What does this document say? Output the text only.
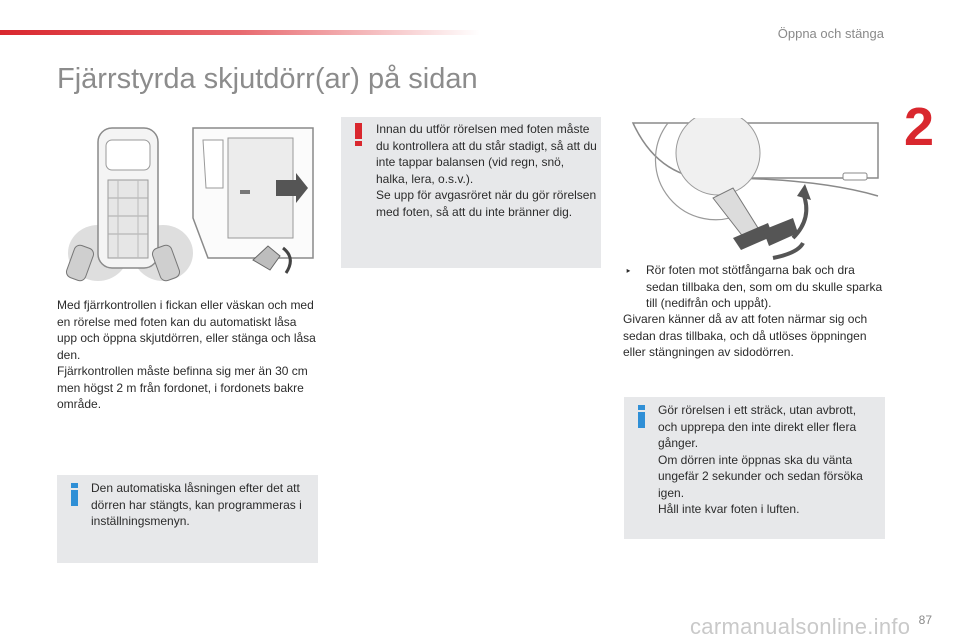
Öppna och stänga
2
Fjärrstyrda skjutdörr(ar) på sidan

Med fjärrkontrollen i fickan eller väskan och med en rörelse med foten kan du automatiskt låsa upp och öppna skjutdörren, eller stänga och låsa den.

Fjärrkontrollen måste befinna sig mer än 30 cm men högst 2 m från fordonet, i fordonets bakre område.

Den automatiska låsningen efter det att dörren har stängts, kan programmeras i inställningsmenyn.

Innan du utför rörelsen med foten måste du kontrollera att du står stadigt, så att du inte tappar balansen (vid regn, snö, halka, lera, o.s.v.).

Se upp för avgasröret när du gör rörelsen med foten, så att du inte bränner dig.

‣ Rör foten mot stötfångarna bak och dra sedan tillbaka den, som om du skulle sparka till (nedifrån och uppåt).
Givaren känner då av att foten närmar sig och sedan dras tillbaka, och då utlöses öppningen eller stängningen av sidodörren.

Gör rörelsen i ett sträck, utan avbrott, och upprepa den inte direkt eller flera gånger.

Om dörren inte öppnas ska du vänta ungefär 2 sekunder och sedan försöka igen.

Håll inte kvar foten i luften.

carmanualsonline.info 87
